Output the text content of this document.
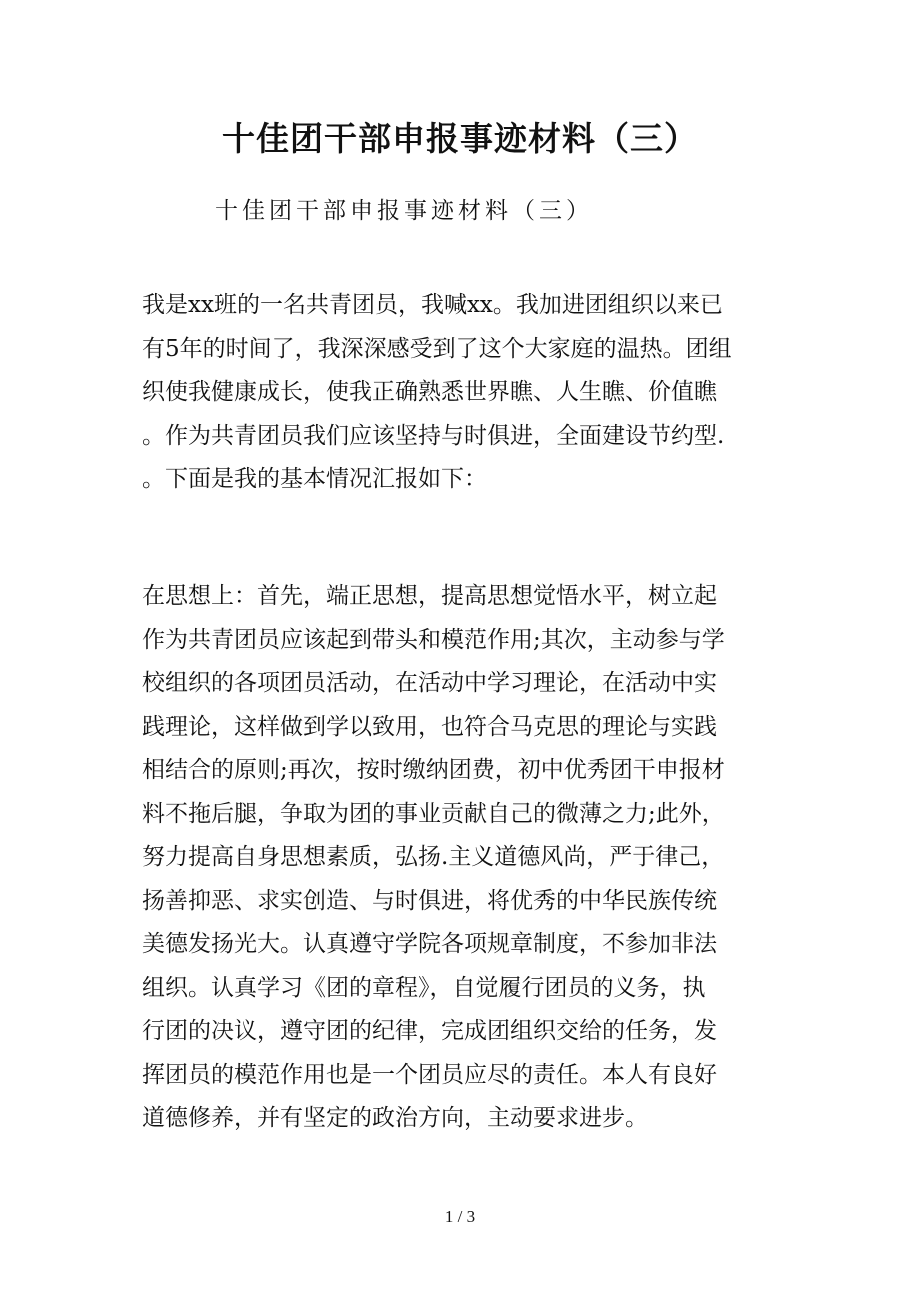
十佳团干部申报事迹材料（三）

十佳团干部申报事迹材料（三）

我是xx班的一名共青团员，我喊xx。我加进团组织以来已
有5年的时间了，我深深感受到了这个大家庭的温热。团组
织使我健康成长，使我正确熟悉世界瞧、人生瞧、价值瞧
。作为共青团员我们应该坚持与时俱进，全面建设节约型.
。下面是我的基本情况汇报如下：
在思想上：首先，端正思想，提高思想觉悟水平，树立起
作为共青团员应该起到带头和模范作用;其次，主动参与学
校组织的各项团员活动，在活动中学习理论，在活动中实
践理论，这样做到学以致用，也符合马克思的理论与实践
相结合的原则;再次，按时缴纳团费，初中优秀团干申报材
料不拖后腿，争取为团的事业贡献自己的微薄之力;此外，
努力提高自身思想素质，弘扬.主义道德风尚，严于律己，
扬善抑恶、求实创造、与时俱进，将优秀的中华民族传统
美德发扬光大。认真遵守学院各项规章制度，不参加非法
组织。认真学习《团的章程》，自觉履行团员的义务，执
行团的决议，遵守团的纪律，完成团组织交给的任务，发
挥团员的模范作用也是一个团员应尽的责任。本人有良好
道德修养，并有坚定的政治方向，主动要求进步。

1 / 3
